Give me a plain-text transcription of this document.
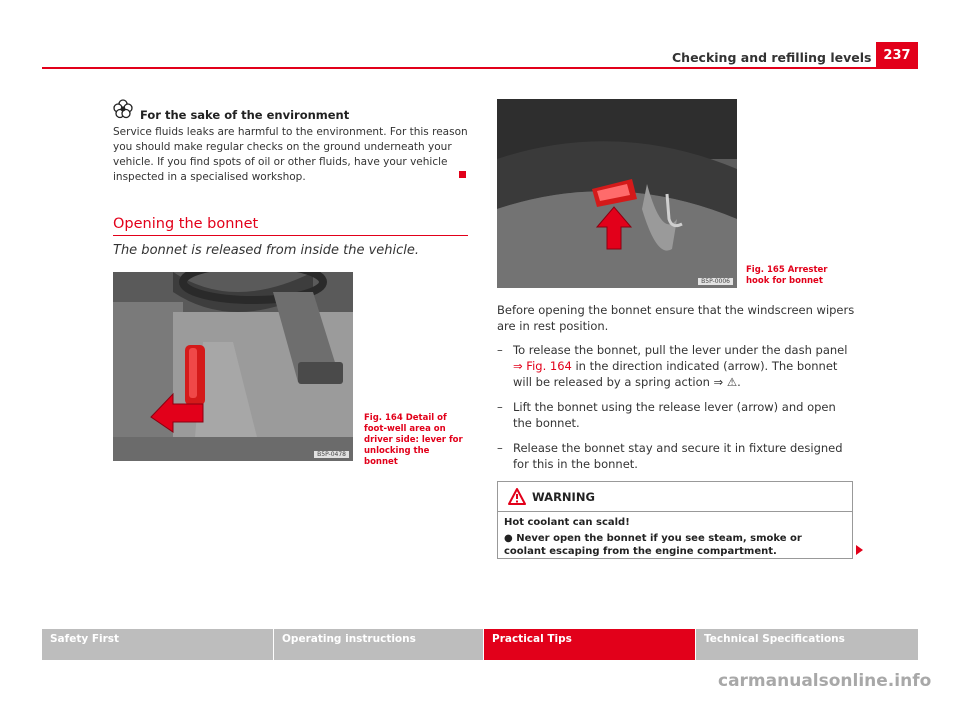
Checking and refilling levels 237
For the sake of the environment
Service fluids leaks are harmful to the environment. For this reason you should make regular checks on the ground underneath your vehicle. If you find spots of oil or other fluids, have your vehicle inspected in a specialised workshop.
Opening the bonnet
The bonnet is released from inside the vehicle.
B5P-0478
Fig. 164 Detail of foot-well area on driver side: lever for unlocking the bonnet
B5P-0006
Fig. 165 Arrester hook for bonnet
Before opening the bonnet ensure that the windscreen wipers are in rest position.
– To release the bonnet, pull the lever under the dash panel ⇒ Fig. 164 in the direction indicated (arrow). The bonnet will be released by a spring action ⇒ ⚠.
– Lift the bonnet using the release lever (arrow) and open the bonnet.
– Release the bonnet stay and secure it in fixture designed for this in the bonnet.
WARNING
Hot coolant can scald!
● Never open the bonnet if you see steam, smoke or coolant escaping from the engine compartment.
Safety First	Operating instructions	Practical Tips	Technical Specifications
carmanualsonline.info
